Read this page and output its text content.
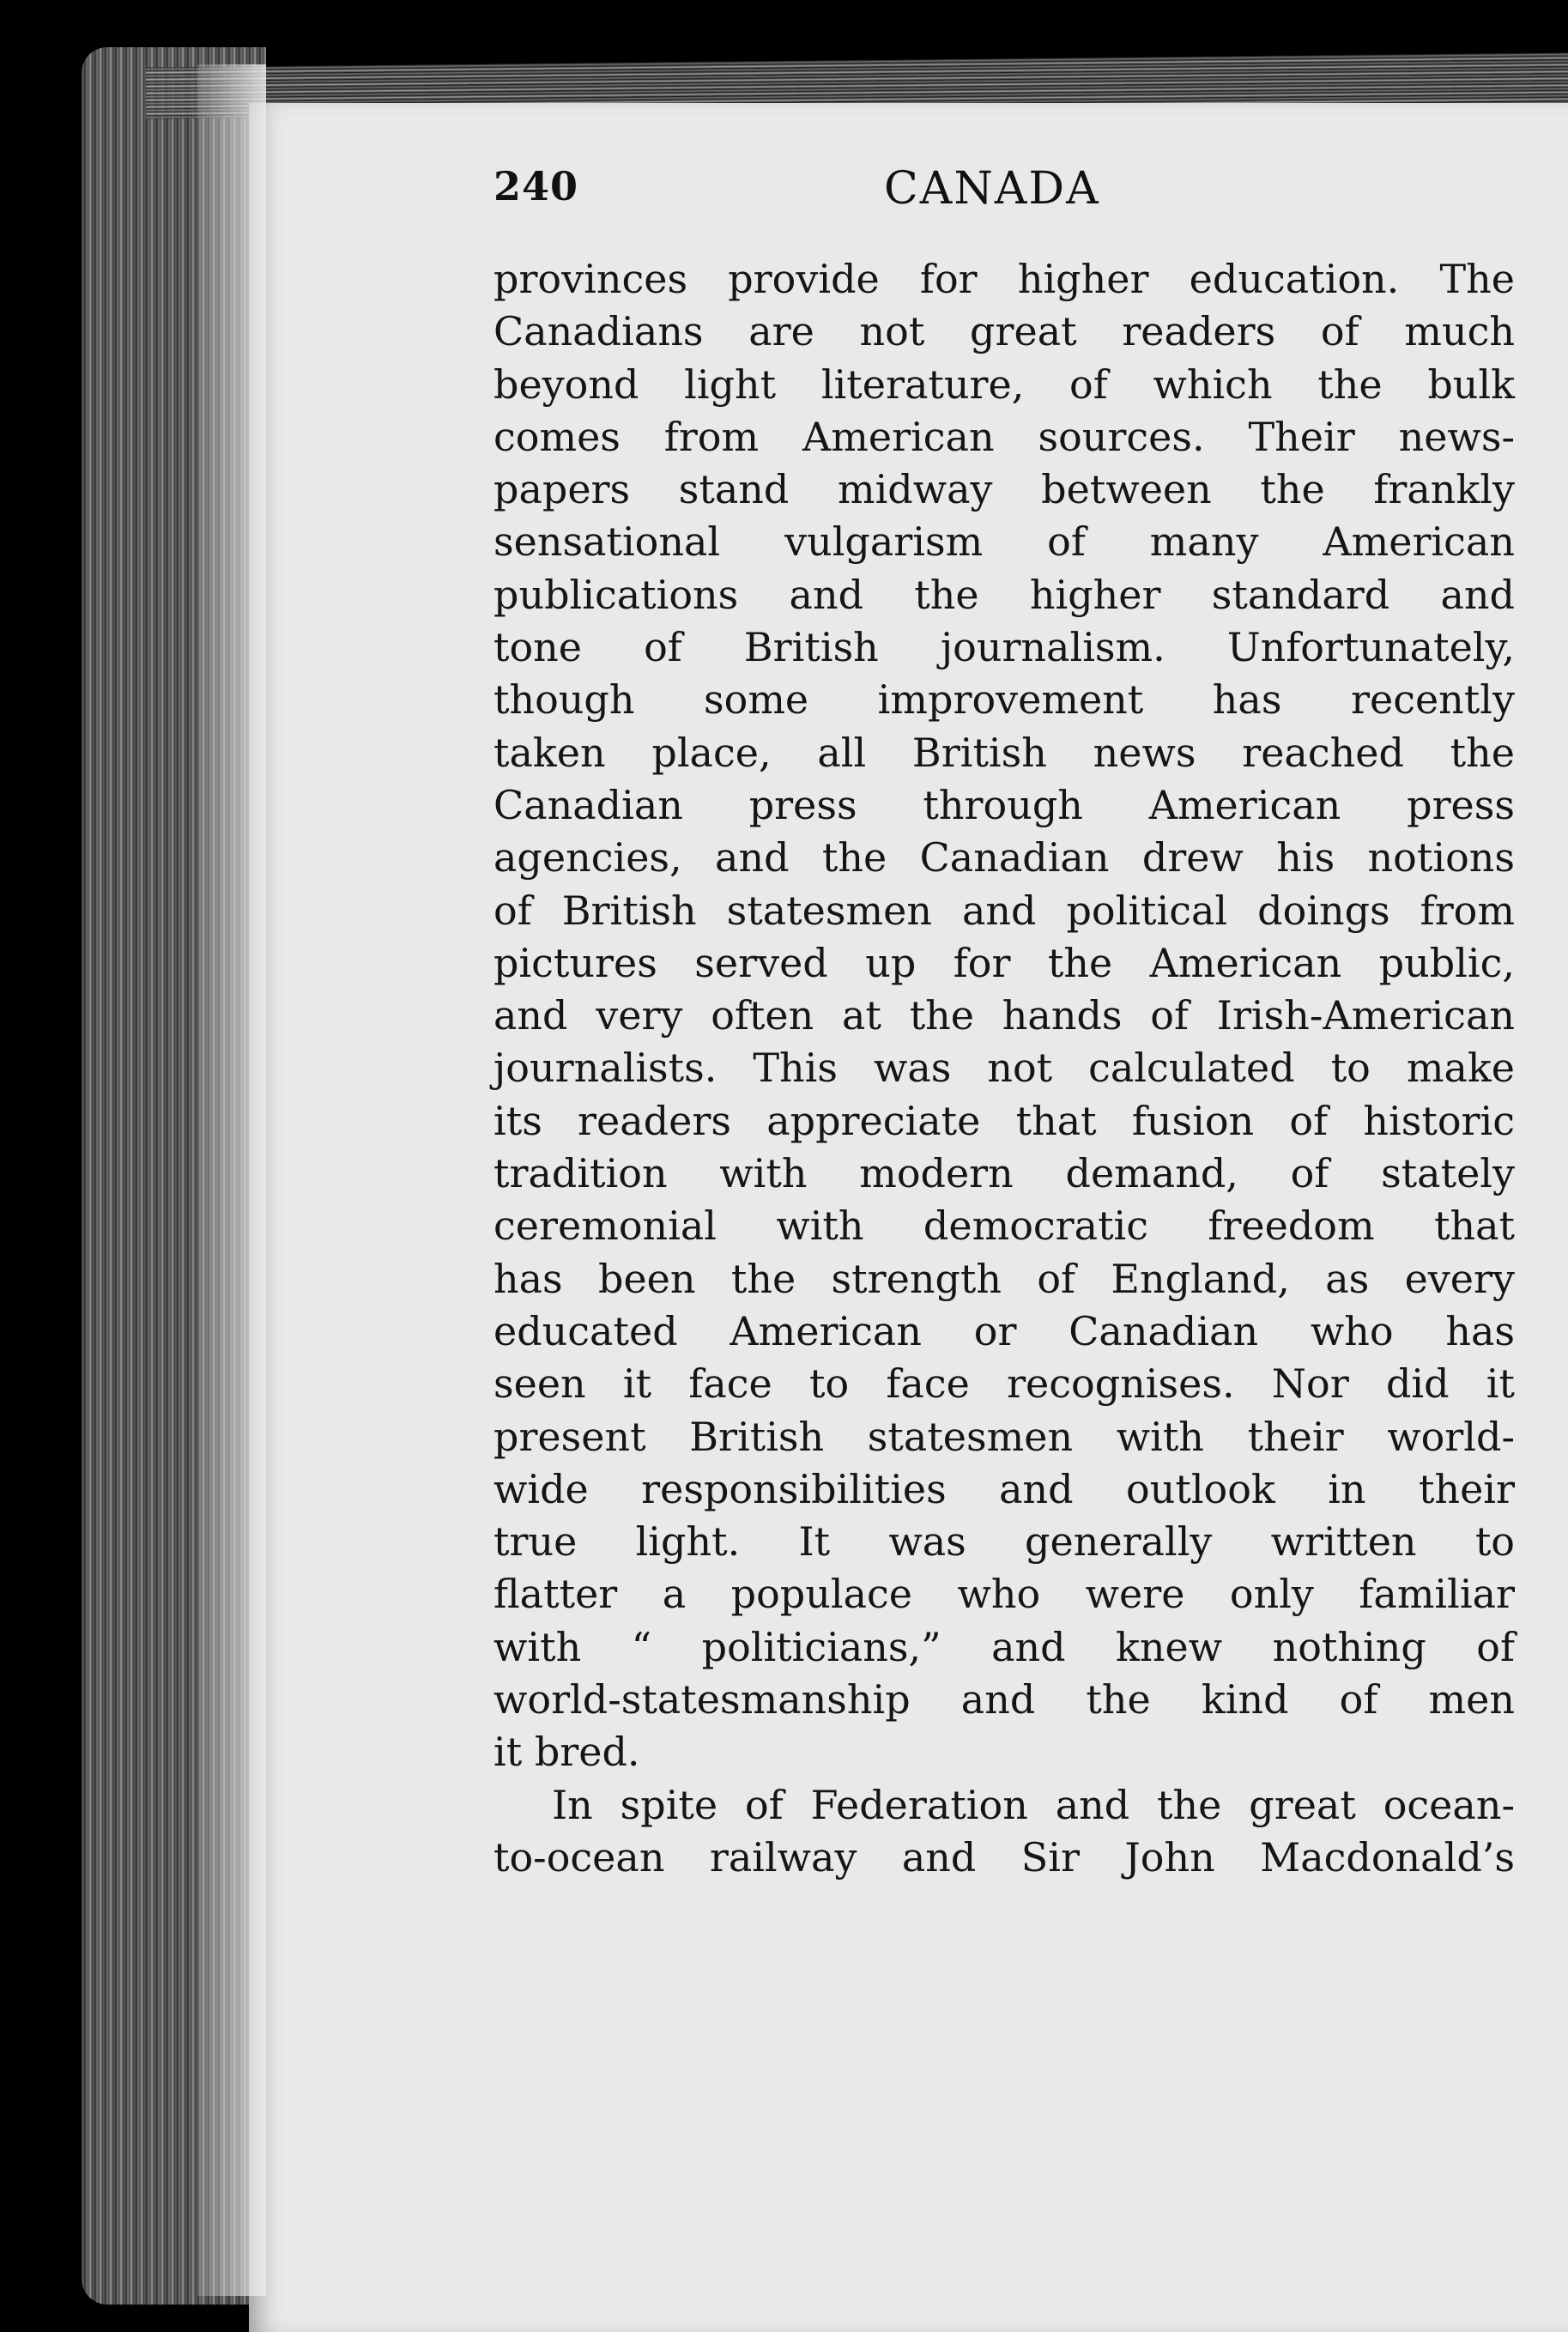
240	CANADA
provinces provide for higher education. The
Canadians are not great readers of much
beyond light literature, of which the bulk
comes from American sources. Their news-
papers stand midway between the frankly
sensational vulgarism of many American
publications and the higher standard and
tone of British journalism. Unfortunately,
though some improvement has recently
taken place, all British news reached the
Canadian press through American press
agencies, and the Canadian drew his notions
of British statesmen and political doings from
pictures served up for the American public,
and very often at the hands of Irish-American
journalists. This was not calculated to make
its readers appreciate that fusion of historic
tradition with modern demand, of stately
ceremonial with democratic freedom that
has been the strength of England, as every
educated American or Canadian who has
seen it face to face recognises. Nor did it
present British statesmen with their world-
wide responsibilities and outlook in their
true light. It was generally written to
flatter a populace who were only familiar
with “ politicians,” and knew nothing of
world-statesmanship and the kind of men
it bred.
In spite of Federation and the great ocean-
to-ocean railway and Sir John Macdonald’s
